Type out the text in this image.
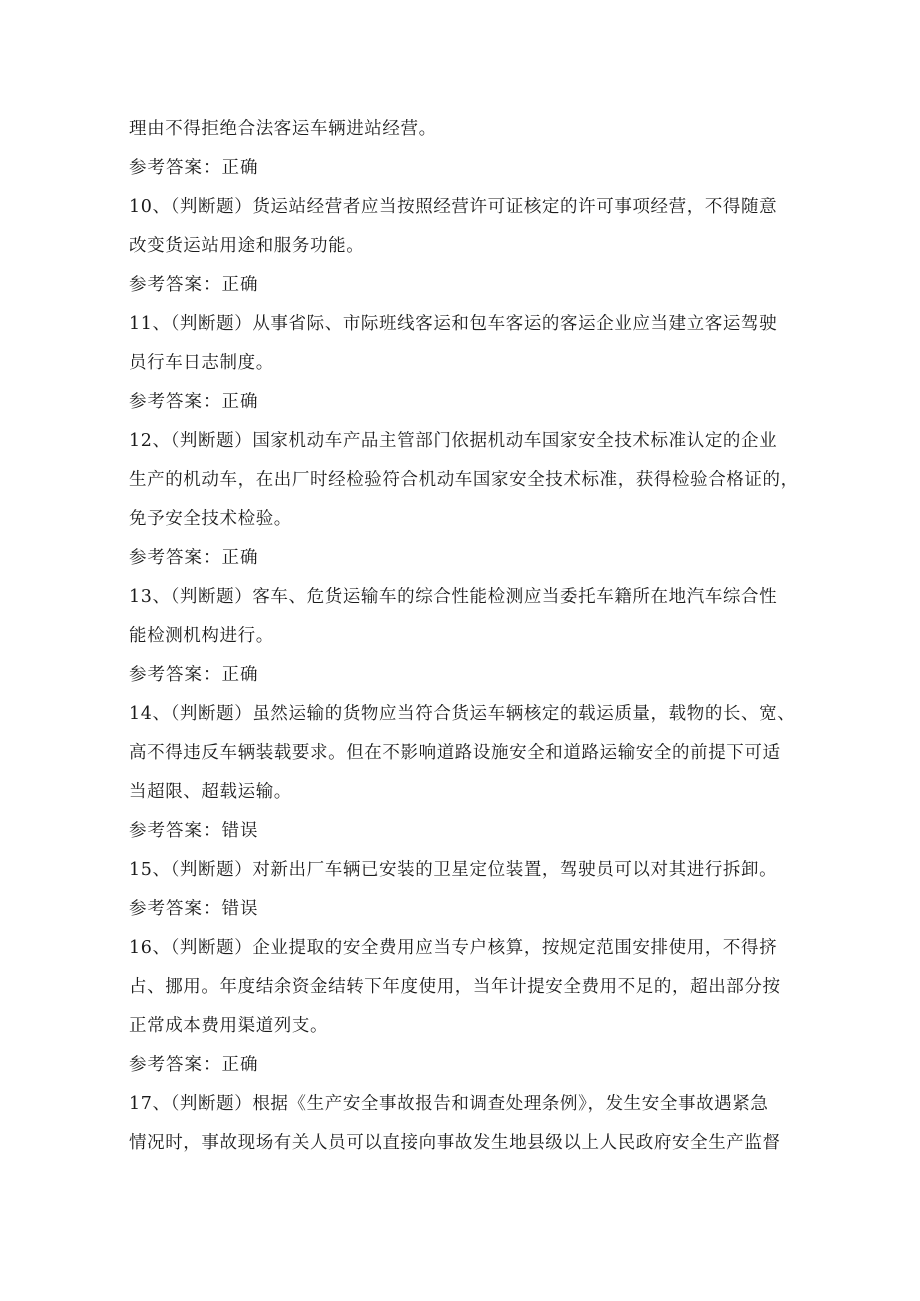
理由不得拒绝合法客运车辆进站经营。
参考答案：正确
10、（判断题）货运站经营者应当按照经营许可证核定的许可事项经营，不得随意
改变货运站用途和服务功能。
参考答案：正确
11、（判断题）从事省际、市际班线客运和包车客运的客运企业应当建立客运驾驶
员行车日志制度。
参考答案：正确
12、（判断题）国家机动车产品主管部门依据机动车国家安全技术标准认定的企业
生产的机动车，在出厂时经检验符合机动车国家安全技术标准，获得检验合格证的，
免予安全技术检验。
参考答案：正确
13、（判断题）客车、危货运输车的综合性能检测应当委托车籍所在地汽车综合性
能检测机构进行。
参考答案：正确
14、（判断题）虽然运输的货物应当符合货运车辆核定的载运质量，载物的长、宽、
高不得违反车辆装载要求。但在不影响道路设施安全和道路运输安全的前提下可适
当超限、超载运输。
参考答案：错误
15、（判断题）对新出厂车辆已安装的卫星定位装置，驾驶员可以对其进行拆卸。
参考答案：错误
16、（判断题）企业提取的安全费用应当专户核算，按规定范围安排使用，不得挤
占、挪用。年度结余资金结转下年度使用，当年计提安全费用不足的，超出部分按
正常成本费用渠道列支。
参考答案：正确
17、（判断题）根据《生产安全事故报告和调查处理条例》，发生安全事故遇紧急
情况时，事故现场有关人员可以直接向事故发生地县级以上人民政府安全生产监督
